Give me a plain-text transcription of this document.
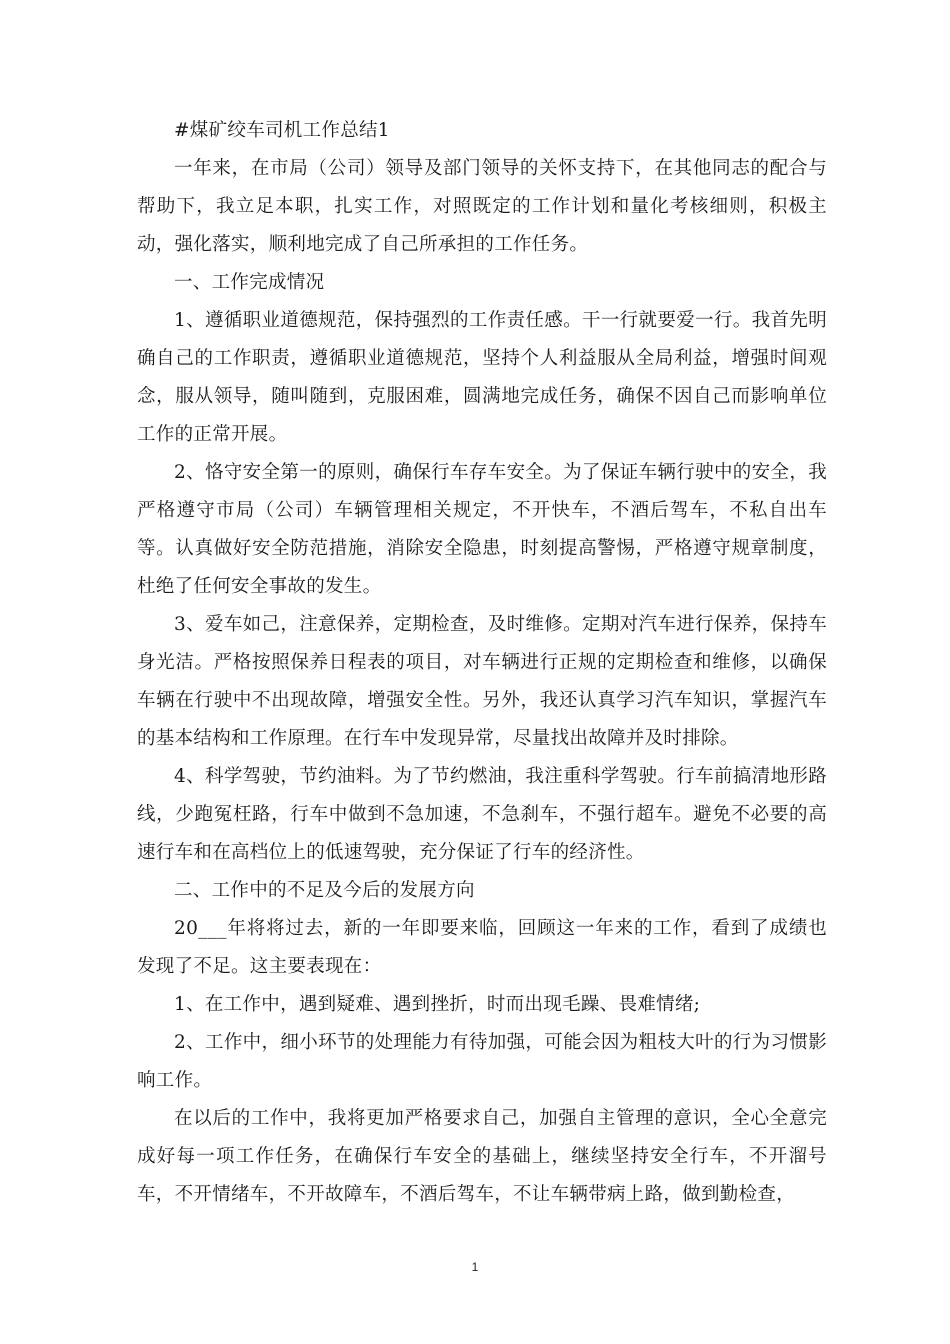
#煤矿绞车司机工作总结1

一年来，在市局（公司）领导及部门领导的关怀支持下，在其他同志的配合与帮助下，我立足本职，扎实工作，对照既定的工作计划和量化考核细则，积极主动，强化落实，顺利地完成了自己所承担的工作任务。

一、工作完成情况

1、遵循职业道德规范，保持强烈的工作责任感。干一行就要爱一行。我首先明确自己的工作职责，遵循职业道德规范，坚持个人利益服从全局利益，增强时间观念，服从领导，随叫随到，克服困难，圆满地完成任务，确保不因自己而影响单位工作的正常开展。

2、恪守安全第一的原则，确保行车存车安全。为了保证车辆行驶中的安全，我严格遵守市局（公司）车辆管理相关规定，不开快车，不酒后驾车，不私自出车等。认真做好安全防范措施，消除安全隐患，时刻提高警惕，严格遵守规章制度，杜绝了任何安全事故的发生。

3、爱车如己，注意保养，定期检查，及时维修。定期对汽车进行保养，保持车身光洁。严格按照保养日程表的项目，对车辆进行正规的定期检查和维修，以确保车辆在行驶中不出现故障，增强安全性。另外，我还认真学习汽车知识，掌握汽车的基本结构和工作原理。在行车中发现异常，尽量找出故障并及时排除。

4、科学驾驶，节约油料。为了节约燃油，我注重科学驾驶。行车前搞清地形路线，少跑冤枉路，行车中做到不急加速，不急刹车，不强行超车。避免不必要的高速行车和在高档位上的低速驾驶，充分保证了行车的经济性。

二、工作中的不足及今后的发展方向

20___年将将过去，新的一年即要来临，回顾这一年来的工作，看到了成绩也发现了不足。这主要表现在：

1、在工作中，遇到疑难、遇到挫折，时而出现毛躁、畏难情绪;

2、工作中，细小环节的处理能力有待加强，可能会因为粗枝大叶的行为习惯影响工作。

在以后的工作中，我将更加严格要求自己，加强自主管理的意识，全心全意完成好每一项工作任务，在确保行车安全的基础上，继续坚持安全行车，不开溜号车，不开情绪车，不开故障车，不酒后驾车，不让车辆带病上路，做到勤检查，

1
